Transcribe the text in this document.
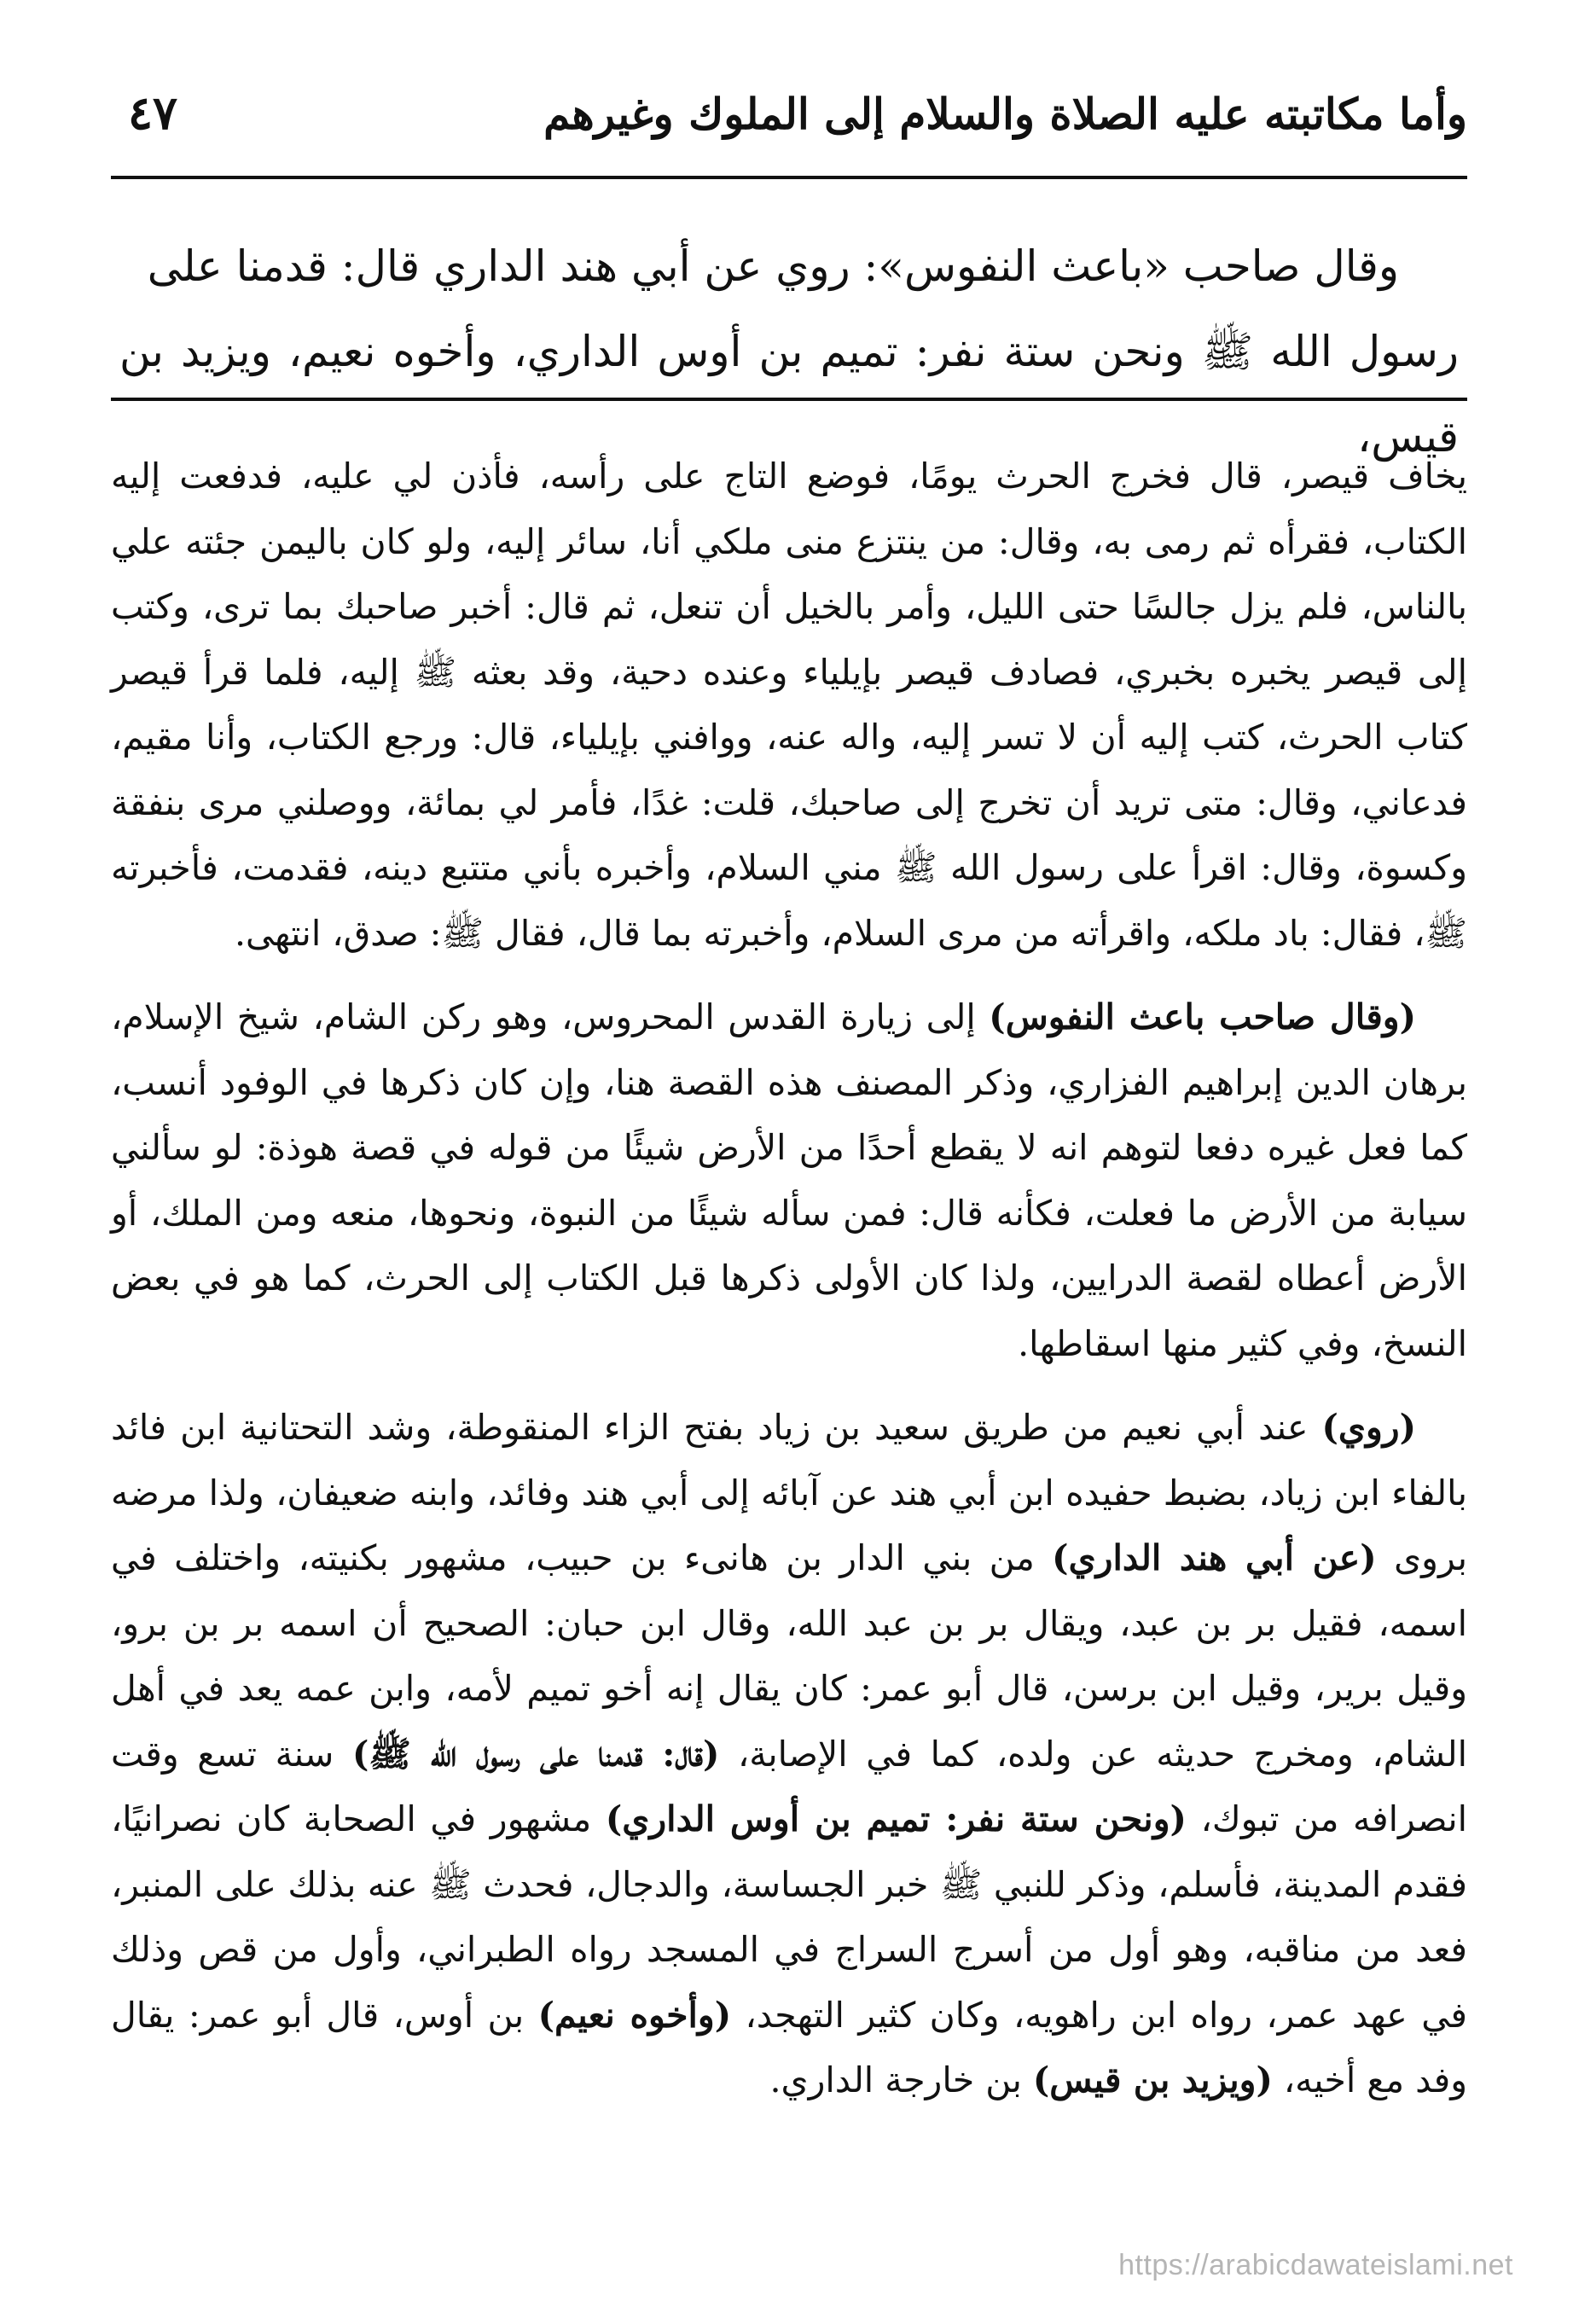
وأما مكاتبته عليه الصلاة والسلام إلى الملوك وغيرهم
٤٧

وقال صاحب «باعث النفوس»: روي عن أبي هند الداري قال: قدمنا على

رسول الله ﷺ ونحن ستة نفر: تميم بن أوس الداري، وأخوه نعيم، ويزيد بن قيس،

يخاف قيصر، قال فخرج الحرث يومًا، فوضع التاج على رأسه، فأذن لي عليه، فدفعت إليه الكتاب، فقرأه ثم رمى به، وقال: من ينتزع منى ملكي أنا، سائر إليه، ولو كان باليمن جئته علي بالناس، فلم يزل جالسًا حتى الليل، وأمر بالخيل أن تنعل، ثم قال: أخبر صاحبك بما ترى، وكتب إلى قيصر يخبره بخبري، فصادف قيصر بإيلياء وعنده دحية، وقد بعثه ﷺ إليه، فلما قرأ قيصر كتاب الحرث، كتب إليه أن لا تسر إليه، واله عنه، ووافني بإيلياء، قال: ورجع الكتاب، وأنا مقيم، فدعاني، وقال: متى تريد أن تخرج إلى صاحبك، قلت: غدًا، فأمر لي بمائة، ووصلني مرى بنفقة وكسوة، وقال: اقرأ على رسول الله ﷺ مني السلام، وأخبره بأني متتبع دينه، فقدمت، فأخبرته ﷺ، فقال: باد ملكه، واقرأته من مرى السلام، وأخبرته بما قال، فقال ﷺ: صدق، انتهى.

(وقال صاحب باعث النفوس) إلى زيارة القدس المحروس، وهو ركن الشام، شيخ الإسلام، برهان الدين إبراهيم الفزاري، وذكر المصنف هذه القصة هنا، وإن كان ذكرها في الوفود أنسب، كما فعل غيره دفعا لتوهم انه لا يقطع أحدًا من الأرض شيئًا من قوله في قصة هوذة: لو سألني سيابة من الأرض ما فعلت، فكأنه قال: فمن سأله شيئًا من النبوة، ونحوها، منعه ومن الملك، أو الأرض أعطاه لقصة الدرايين، ولذا كان الأولى ذكرها قبل الكتاب إلى الحرث، كما هو في بعض النسخ، وفي كثير منها اسقاطها.

(روي) عند أبي نعيم من طريق سعيد بن زياد بفتح الزاء المنقوطة، وشد التحتانية ابن فائد بالفاء ابن زياد، بضبط حفيده ابن أبي هند عن آبائه إلى أبي هند وفائد، وابنه ضعيفان، ولذا مرضه بروى (عن أبي هند الداري) من بني الدار بن هانىء بن حبيب، مشهور بكنيته، واختلف في اسمه، فقيل بر بن عبد، ويقال بر بن عبد الله، وقال ابن حبان: الصحيح أن اسمه بر بن برو، وقيل برير، وقيل ابن برسن، قال أبو عمر: كان يقال إنه أخو تميم لأمه، وابن عمه يعد في أهل الشام، ومخرج حديثه عن ولده، كما في الإصابة، (قال: قدمنا على رسول الله ﷺ) سنة تسع وقت انصرافه من تبوك، (ونحن ستة نفر: تميم بن أوس الداري) مشهور في الصحابة كان نصرانيًا، فقدم المدينة، فأسلم، وذكر للنبي ﷺ خبر الجساسة، والدجال، فحدث ﷺ عنه بذلك على المنبر، فعد من مناقبه، وهو أول من أسرج السراج في المسجد رواه الطبراني، وأول من قص وذلك في عهد عمر، رواه ابن راهويه، وكان كثير التهجد، (وأخوه نعيم) بن أوس، قال أبو عمر: يقال وفد مع أخيه، (ويزيد بن قيس) بن خارجة الداري.

https://arabicdawateislami.net
